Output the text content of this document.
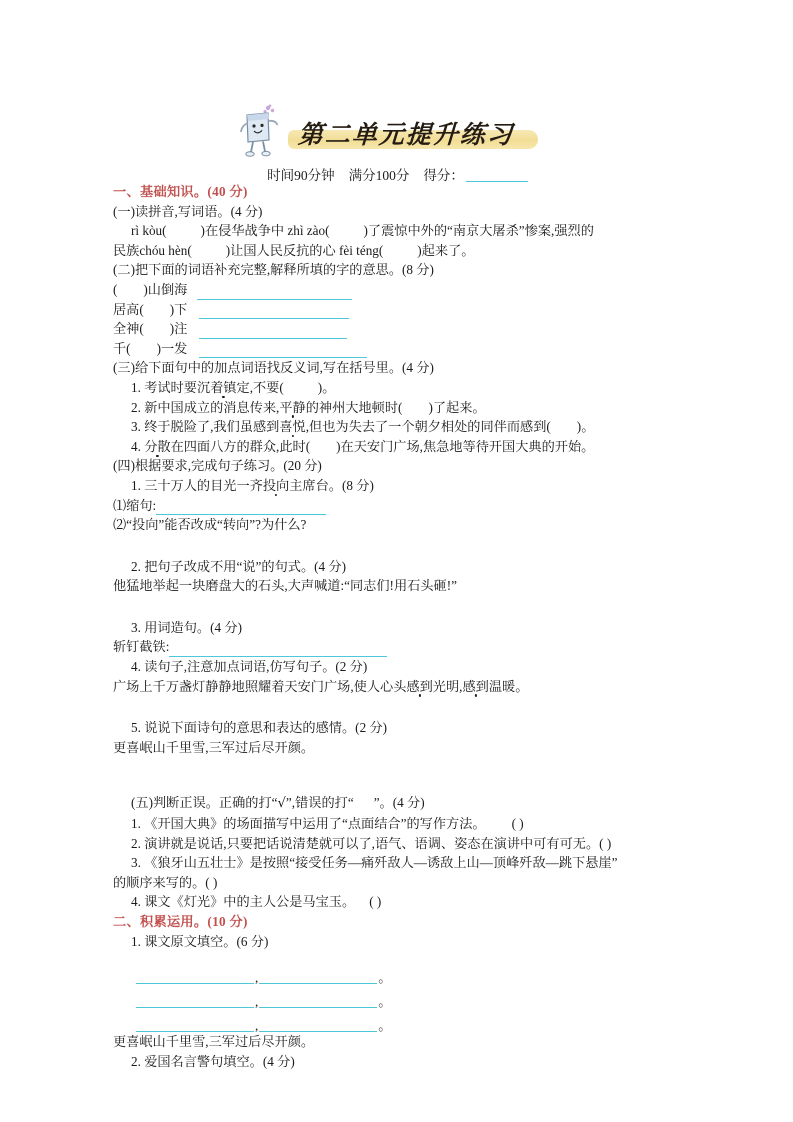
第二单元提升练习
时间90分钟 满分100分 得分：
一、基础知识。(40 分)
(一)读拼音,写词语。(4 分)
rì kòu(	)在侵华战争中 zhì zào(	)了震惊中外的“南京大屠杀”惨案,强烈的
民族chóu hèn(	)让国人民反抗的心 fèi téng(	)起来了。
(二)把下面的词语补充完整,解释所填的字的意思。(8 分)
( )山倒海
居高( )下
全神( )注
千( )一发
(三)给下面句中的加点词语找反义词,写在括号里。(4 分)
1. 考试时要沉着镇定,不要(	)。
2. 新中国成立的消息传来,平静的神州大地顿时( )了起来。
3. 终于脱险了,我们虽感到喜悦,但也为失去了一个朝夕相处的同伴而感到( )。
4. 分散在四面八方的群众,此时( )在天安门广场,焦急地等待开国大典的开始。
(四)根据要求,完成句子练习。(20 分)
1. 三十万人的目光一齐投向主席台。(8 分)
⑴缩句:
⑵“投向”能否改成“转向”?为什么?
2. 把句子改成不用“说”的句式。(4 分)
他猛地举起一块磨盘大的石头,大声喊道:“同志们!用石头砸!”
3. 用词造句。(4 分)
斩钉截铁:
4. 读句子,注意加点词语,仿写句子。(2 分)
广场上千万盏灯静静地照耀着天安门广场,使人心头感到光明,感到温暖。
5. 说说下面诗句的意思和表达的感情。(2 分)
更喜岷山千里雪,三军过后尽开颜。
(五)判断正误。正确的打“√”,错误的打“ ”。(4 分)
1. 《开国大典》的场面描写中运用了“点面结合”的写作方法。 ( )
2. 演讲就是说话,只要把话说清楚就可以了,语气、语调、姿态在演讲中可有可无。( )
3. 《狼牙山五壮士》是按照“接受任务—痛歼敌人—诱敌上山—顶峰歼敌—跳下悬崖”
的顺序来写的。( )
4. 课文《灯光》中的主人公是马宝玉。 ( )
二、积累运用。(10 分)
1. 课文原文填空。(6 分)
,	。
,	。
,	。
更喜岷山千里雪,三军过后尽开颜。
2. 爱国名言警句填空。(4 分)
